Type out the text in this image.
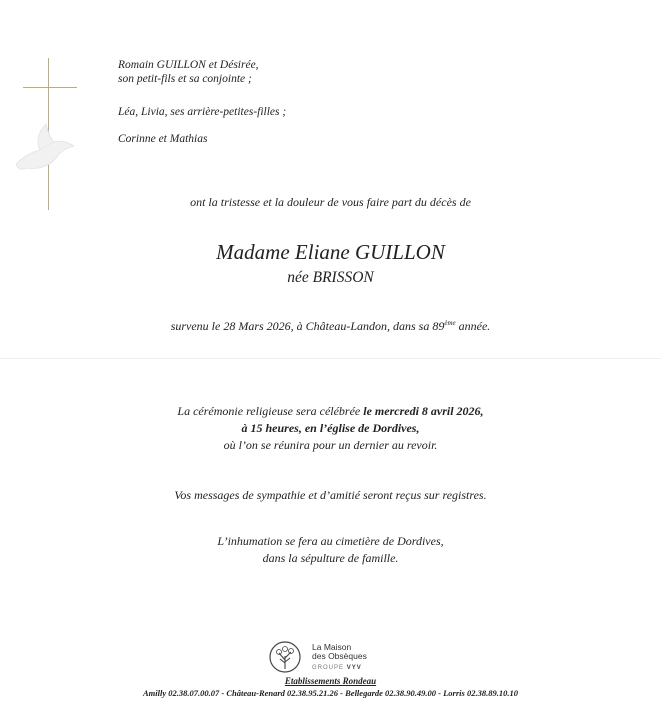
Romain GUILLON et Désirée,
son petit-fils et sa conjointe ;
Léa, Livia, ses arrière-petites-filles ;
Corinne et Mathias
ont la tristesse et la douleur de vous faire part du décès de
Madame Eliane GUILLON
née BRISSON
survenu le 28 Mars 2026, à Château-Landon, dans sa 89ème année.
La cérémonie religieuse sera célébrée le mercredi 8 avril 2026,
à 15 heures, en l’église de Dordives,
où l’on se réunira pour un dernier au revoir.
Vos messages de sympathie et d’amitié seront reçus sur registres.
L’inhumation se fera au cimetière de Dordives,
dans la sépulture de famille.
La Maison
des Obsèques
GROUPE VYV
Etablissements Rondeau
Amilly 02.38.07.00.07 - Château-Renard 02.38.95.21.26 - Bellegarde 02.38.90.49.00 - Lorris 02.38.89.10.10
